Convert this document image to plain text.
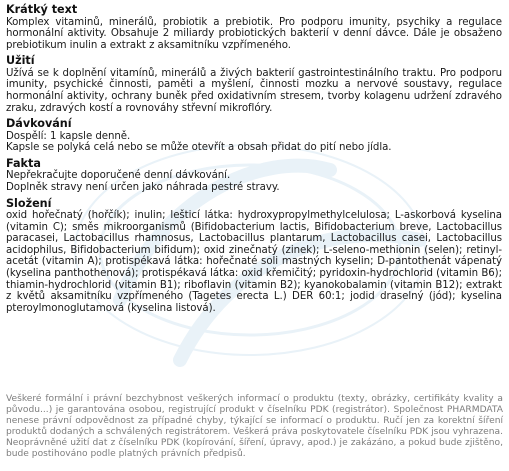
Krátký text

Komplex vitaminů, minerálů, probiotik a prebiotik. Pro podporu imunity, psychiky a regulace hormonální aktivity. Obsahuje 2 miliardy probiotických bakterií v denní dávce. Dále je obsaženo prebiotikum inulin a extrakt z aksamitníku vzpřímeného.

Užití

Užívá se k doplnění vitamínů, minerálů a živých bakterií gastrointestinálního traktu. Pro podporu imunity, psychické činnosti, paměti a myšlení, činnosti mozku a nervové soustavy, regulace hormonální aktivity, ochrany buněk před oxidativním stresem, tvorby kolagenu udržení zdravého zraku, zdravých kostí a rovnováhy střevní mikroflóry.

Dávkování

Dospělí: 1 kapsle denně.

Kapsle se polyká celá nebo se může otevřít a obsah přidat do pití nebo jídla.

Fakta

Nepřekračujte doporučené denní dávkování.

Doplněk stravy není určen jako náhrada pestré stravy.

Složení

oxid hořečnatý (hořčík); inulin; lešticí látka: hydroxypropylmethylcelulosa; L-askorbová kyselina (vitamin C); směs mikroorganismů (Bifidobacterium lactis, Bifidobacterium breve, Lactobacillus paracasei, Lactobacillus rhamnosus, Lactobacillus plantarum, Lactobacillus casei, Lactobacillus acidophilus, Bifidobacterium bifidum); oxid zinečnatý (zinek); L-seleno-methionin (selen); retinyl-acetát (vitamin A); protispékavá látka: hořečnaté soli mastných kyselin; D-pantothenát vápenatý (kyselina panthothenová); protispékavá látka: oxid křemičitý; pyridoxin-hydrochlorid (vitamin B6); thiamin-hydrochlorid (vitamin B1); riboflavin (vitamin B2); kyanokobalamin (vitamin B12); extrakt z květů aksamitníku vzpřímeného (Tagetes erecta L.) DER 60:1; jodid draselný (jód); kyselina pteroylmonoglutamová (kyselina listová).

Veškeré formální i právní bezchybnost veškerých informací o produktu (texty, obrázky, certifikáty kvality a původu...) je garantována osobou, registrující produkt v číselníku PDK (registrátor). Společnost PHARMDATA nenese právní odpovědnost za případné chyby, týkající se informací o produktu. Ručí jen za korektní šíření produktů dodaných a schválených registrátorem. Veškerá práva poskytovatele číselníku PDK jsou vyhrazena. Neoprávněné užití dat z číselníku PDK (kopírování, šíření, úpravy, apod.) je zakázáno, a pokud bude zjištěno, bude postihováno podle platných právních předpisů.
